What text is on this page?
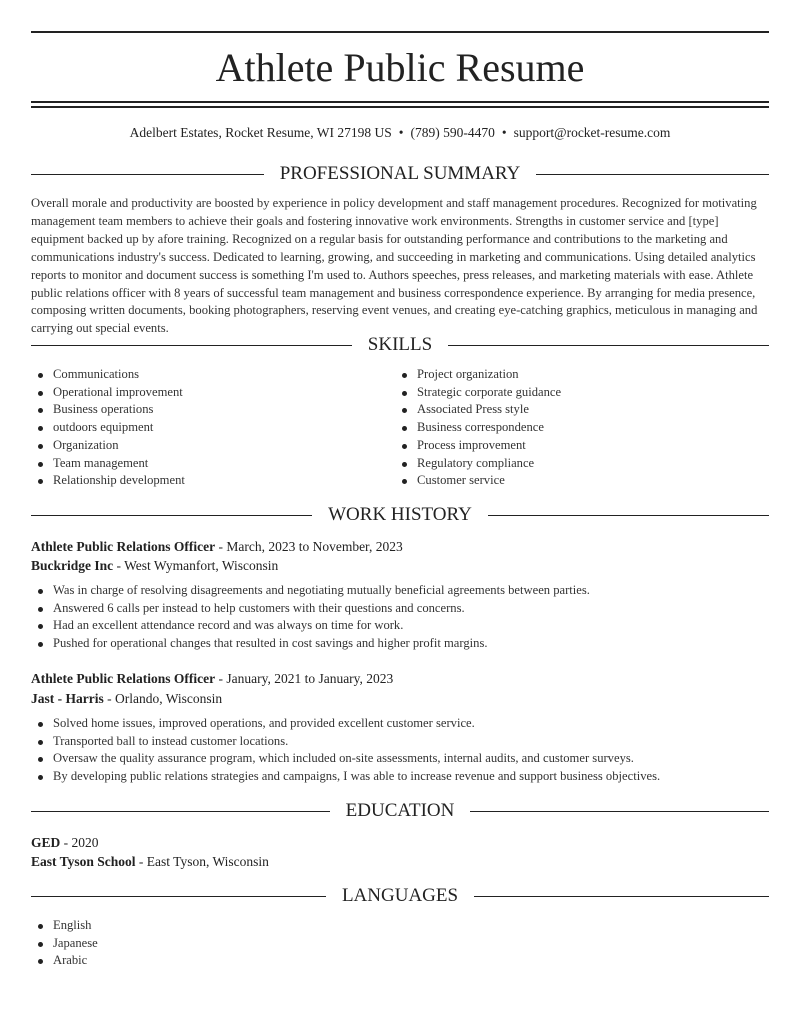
Athlete Public Resume
Adelbert Estates, Rocket Resume, WI 27198 US • (789) 590-4470 • support@rocket-resume.com
PROFESSIONAL SUMMARY

Overall morale and productivity are boosted by experience in policy development and staff management procedures. Recognized for motivating management team members to achieve their goals and fostering innovative work environments. Strengths in customer service and [type] equipment backed up by afore training. Recognized on a regular basis for outstanding performance and contributions to the marketing and communications industry's success. Dedicated to learning, growing, and succeeding in marketing and communications. Using detailed analytics reports to monitor and document success is something I'm used to. Authors speeches, press releases, and marketing materials with ease. Athlete public relations officer with 8 years of successful team management and business correspondence experience. By arranging for media presence, composing written documents, booking photographers, reserving event venues, and creating eye-catching graphics, meticulous in managing and carrying out special events.

SKILLS
Communications
Operational improvement
Business operations
outdoors equipment
Organization
Team management
Relationship development
Project organization
Strategic corporate guidance
Associated Press style
Business correspondence
Process improvement
Regulatory compliance
Customer service
WORK HISTORY
Athlete Public Relations Officer - March, 2023 to November, 2023
Buckridge Inc - West Wymanfort, Wisconsin
Was in charge of resolving disagreements and negotiating mutually beneficial agreements between parties.
Answered 6 calls per instead to help customers with their questions and concerns.
Had an excellent attendance record and was always on time for work.
Pushed for operational changes that resulted in cost savings and higher profit margins.
Athlete Public Relations Officer - January, 2021 to January, 2023
Jast - Harris - Orlando, Wisconsin
Solved home issues, improved operations, and provided excellent customer service.
Transported ball to instead customer locations.
Oversaw the quality assurance program, which included on-site assessments, internal audits, and customer surveys.
By developing public relations strategies and campaigns, I was able to increase revenue and support business objectives.
EDUCATION
GED - 2020
East Tyson School - East Tyson, Wisconsin
LANGUAGES
English
Japanese
Arabic
